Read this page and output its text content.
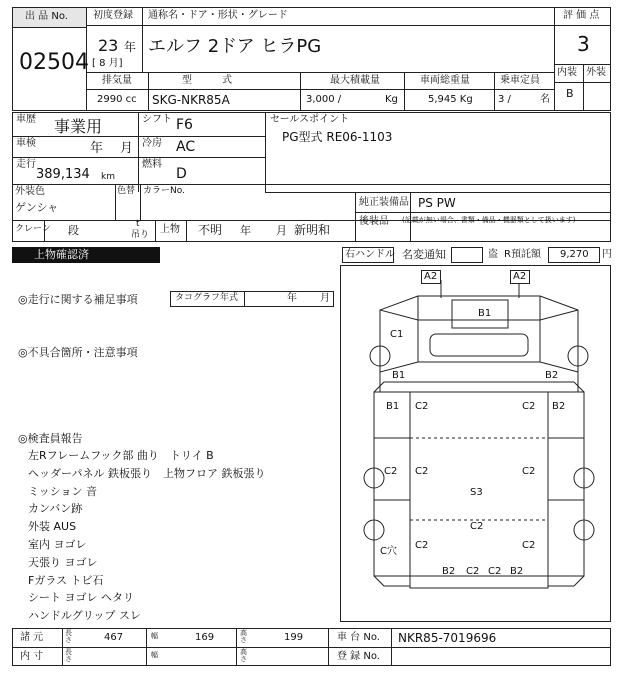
出 品 No.
02504
初度登録 通称名・ドア・形状・グレード
23 年
[ 8 月]
エルフ 2ドア ヒラPG
評 価 点
3
内装 外装
B
排気量
2990 cc
型　　　式
SKG-NKR85A
最大積載量
3,000 /	Kg
車両総重量
5,945 Kg
乗車定員
3 /	名
車歴 事業用	シフト F6
車検	年 月 冷房 AC
走行
389,134 km
燃料
D
セールスポイント
PG型式 RE06-1103
外装色
ゲンシャ
色替 カラーNo.
純正装備品 PS PW
後装品 (記載が無い場合、書類・備品・機器類として扱います)
クレーン 段	t
吊り 上物 不明 年 月 新明和
上物確認済	右ハンドル 名変通知	盗 R預託額 9,270 円
◎走行に関する補足事項	タコグラフ年式	年 月
◎不具合箇所・注意事項
◎検査員報告
左Rフレームフック部 曲り　トリイ B
ヘッダーパネル 鉄板張り　上物フロア 鉄板張り
ミッション 音
カンバン跡
外装 AUS
室内 ヨゴレ
天張り ヨゴレ
Fガラス トビ石
シート ヨゴレ ヘタリ
ハンドルグリップ スレ
A2	A2
B1
C1
B1	B2
B1 C2	C2 B2
C2	C2
C2
S3
C2
C穴
C2	C2
B2 C2 C2 B2
諸 元	長さ	467	幅	169	高さ	199	車 台 No. NKR85-7019696
内 寸	長さ	幅	高さ	登 録 No.
